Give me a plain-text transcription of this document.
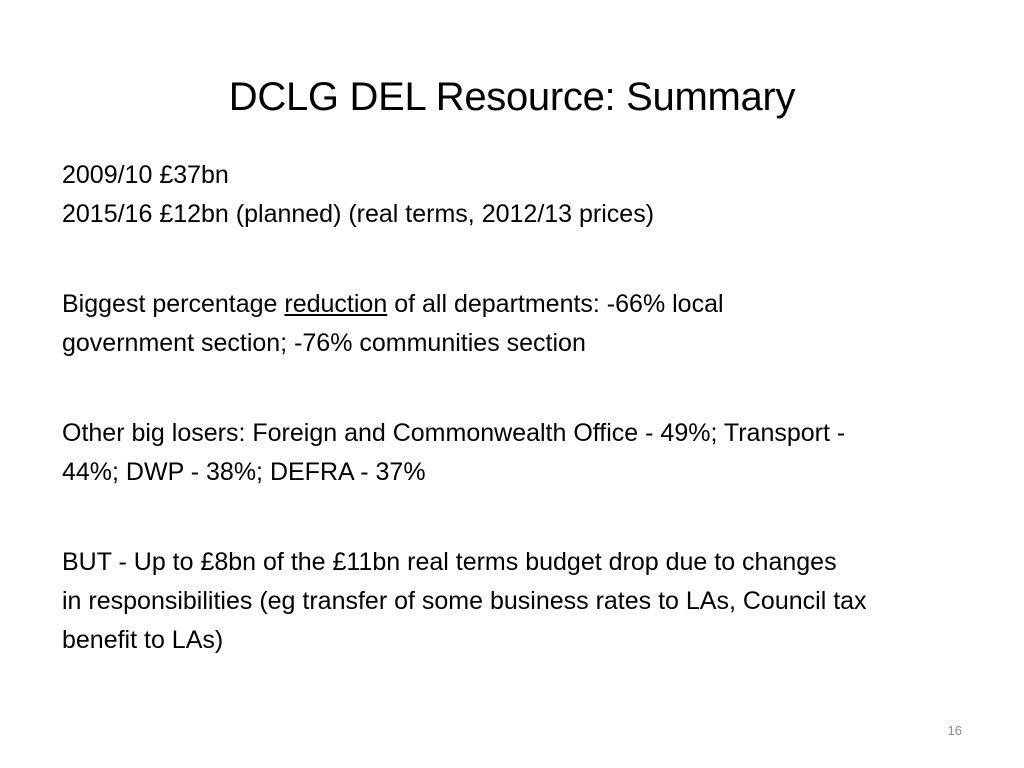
DCLG DEL Resource: Summary
2009/10 £37bn
2015/16 £12bn (planned) (real terms, 2012/13 prices)
Biggest percentage reduction of all departments: -66% local
government section; -76% communities section
Other big losers: Foreign and Commonwealth Office - 49%; Transport -
44%; DWP - 38%; DEFRA - 37%
BUT - Up to £8bn of the £11bn real terms budget drop due to changes
in responsibilities (eg transfer of some business rates to LAs, Council tax
benefit to LAs)
16
